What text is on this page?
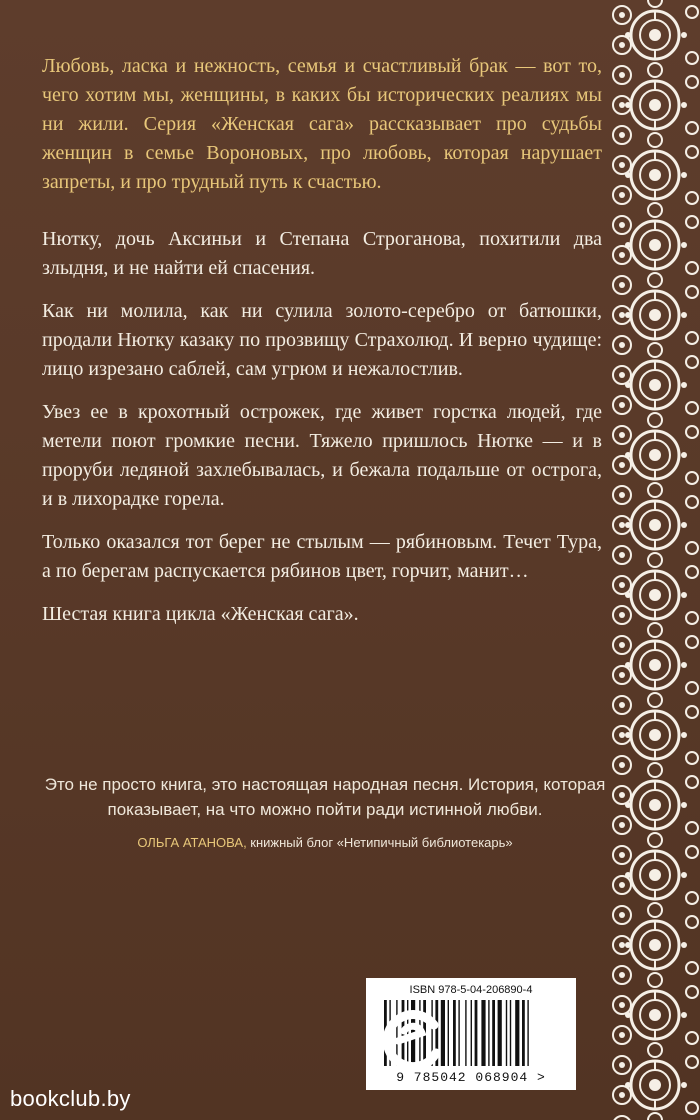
Любовь, ласка и нежность, семья и счастливый брак — вот то, чего хотим мы, женщины, в каких бы исторических реалиях мы ни жили. Серия «Женская сага» рассказывает про судьбы женщин в семье Вороновых, про любовь, которая нарушает запреты, и про трудный путь к счастью.

Нютку, дочь Аксиньи и Степана Строганова, похитили два злыдня, и не найти ей спасения.

Как ни молила, как ни сулила золото-серебро от батюшки, продали Нютку казаку по прозвищу Страхолюд. И верно чудище: лицо изрезано саблей, сам угрюм и нежалостлив.

Увез ее в крохотный острожек, где живет горстка людей, где метели поют громкие песни. Тяжело пришлось Нютке — и в проруби ледяной захлебывалась, и бежала подальше от острога, и в лихорадке горела.

Только оказался тот берег не стылым — рябиновым. Течет Тура, а по берегам распускается рябинов цвет, горчит, манит…

Шестая книга цикла «Женская сага».

Это не просто книга, это настоящая народная песня. История, которая показывает, на что можно пойти ради истинной любви.

ОЛЬГА АТАНОВА, книжный блог «Нетипичный библиотекарь»
ISBN 978-5-04-206890-4
9 785042 068904 >
bookclub.by
